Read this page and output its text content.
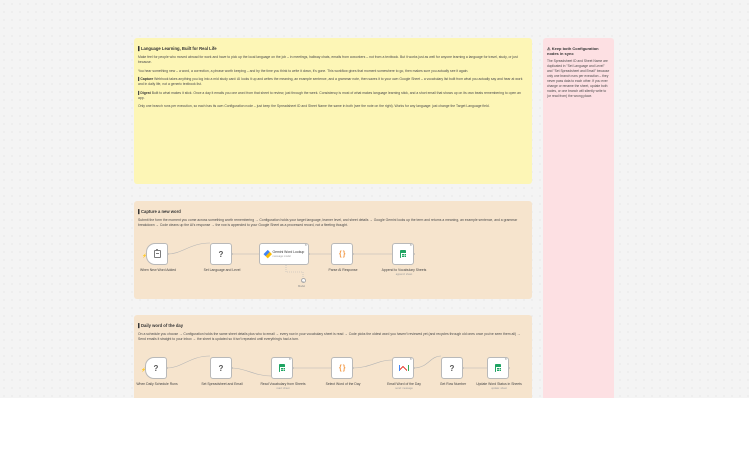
▌Language Learning, Built for Real Life

Make feel for people who moved abroad for work and have to pick up the local language on the job – in meetings, hallway chats, emails from coworkers – not from a textbook. But it works just as well for anyone learning a language for travel, study, or just because.

You hear something new – a word, a correction, a phrase worth keeping – and by the time you think to write it down, it's gone. This workflow gives that moment somewhere to go, then makes sure you actually see it again.

▌Capture Webhook takes anything you log into a mid study card: AI looks it up and writes the meaning, an example sentence, and a grammar note, then saves it to your own Google Sheet – a vocabulary list built from what you actually say and hear at work and in daily life, not a generic textbook list.

▌Digest Built to what makes it stick. Once a day it emails you one word from that sheet to review, just through the week. Consistency is most of what makes language learning stick, and a short email that shows up on its own beats remembering to open an app.

Only one branch runs per execution, so each has its own Configuration node – just keep the Spreadsheet ID and Sheet Name the same in both (see the note on the right). Works for any language: just change the Target Language field.

⚠ Keep both Configuration nodes in sync

The Spreadsheet ID and Sheet Name are duplicated in "Set Language and Level" and "Set Spreadsheet and Email" because only one branch runs per execution – they never pass data to each other. If you ever change or rename the sheet, update both nodes, or one branch will silently write to (or read from) the wrong place.

▌Capture a new word

Submit the form the moment you come across something worth remembering → Configuration holds your target language, learner level, and sheet details → Google Gemini looks up the term and returns a meaning, an example sentence, and a grammar breakdown → Code cleans up the AI's response → the row is appended to your Google Sheet as a processed record, not a fleeting thought.

▌Daily word of the day

On a schedule you choose → Configuration holds the same sheet details plus who to email → every row in your vocabulary sheet is read → Code picks the oldest word you haven't reviewed yet (and recycles through old ones once you've seen them all) → Send emails it straight to your inbox → the sheet is updated so it isn't repeated until everything's had a turn.

⚡
When New Word Added
?
Set Language and Level
✕
Gemini Word Lookup
message model
+
Model
{ }
Parse AI Response
✕
Append to Vocabulary Sheets
append: sheet
⚡ ?
When Daily Schedule Runs
?
Set Spreadsheet and Email
✕
Read Vocabulary from Sheets
read: sheet
{ }
Select Word of the Day
✕
Email Word of the Day
send: message
?
Get Row Number
✕
Update Word Status in Sheets
update: sheet
